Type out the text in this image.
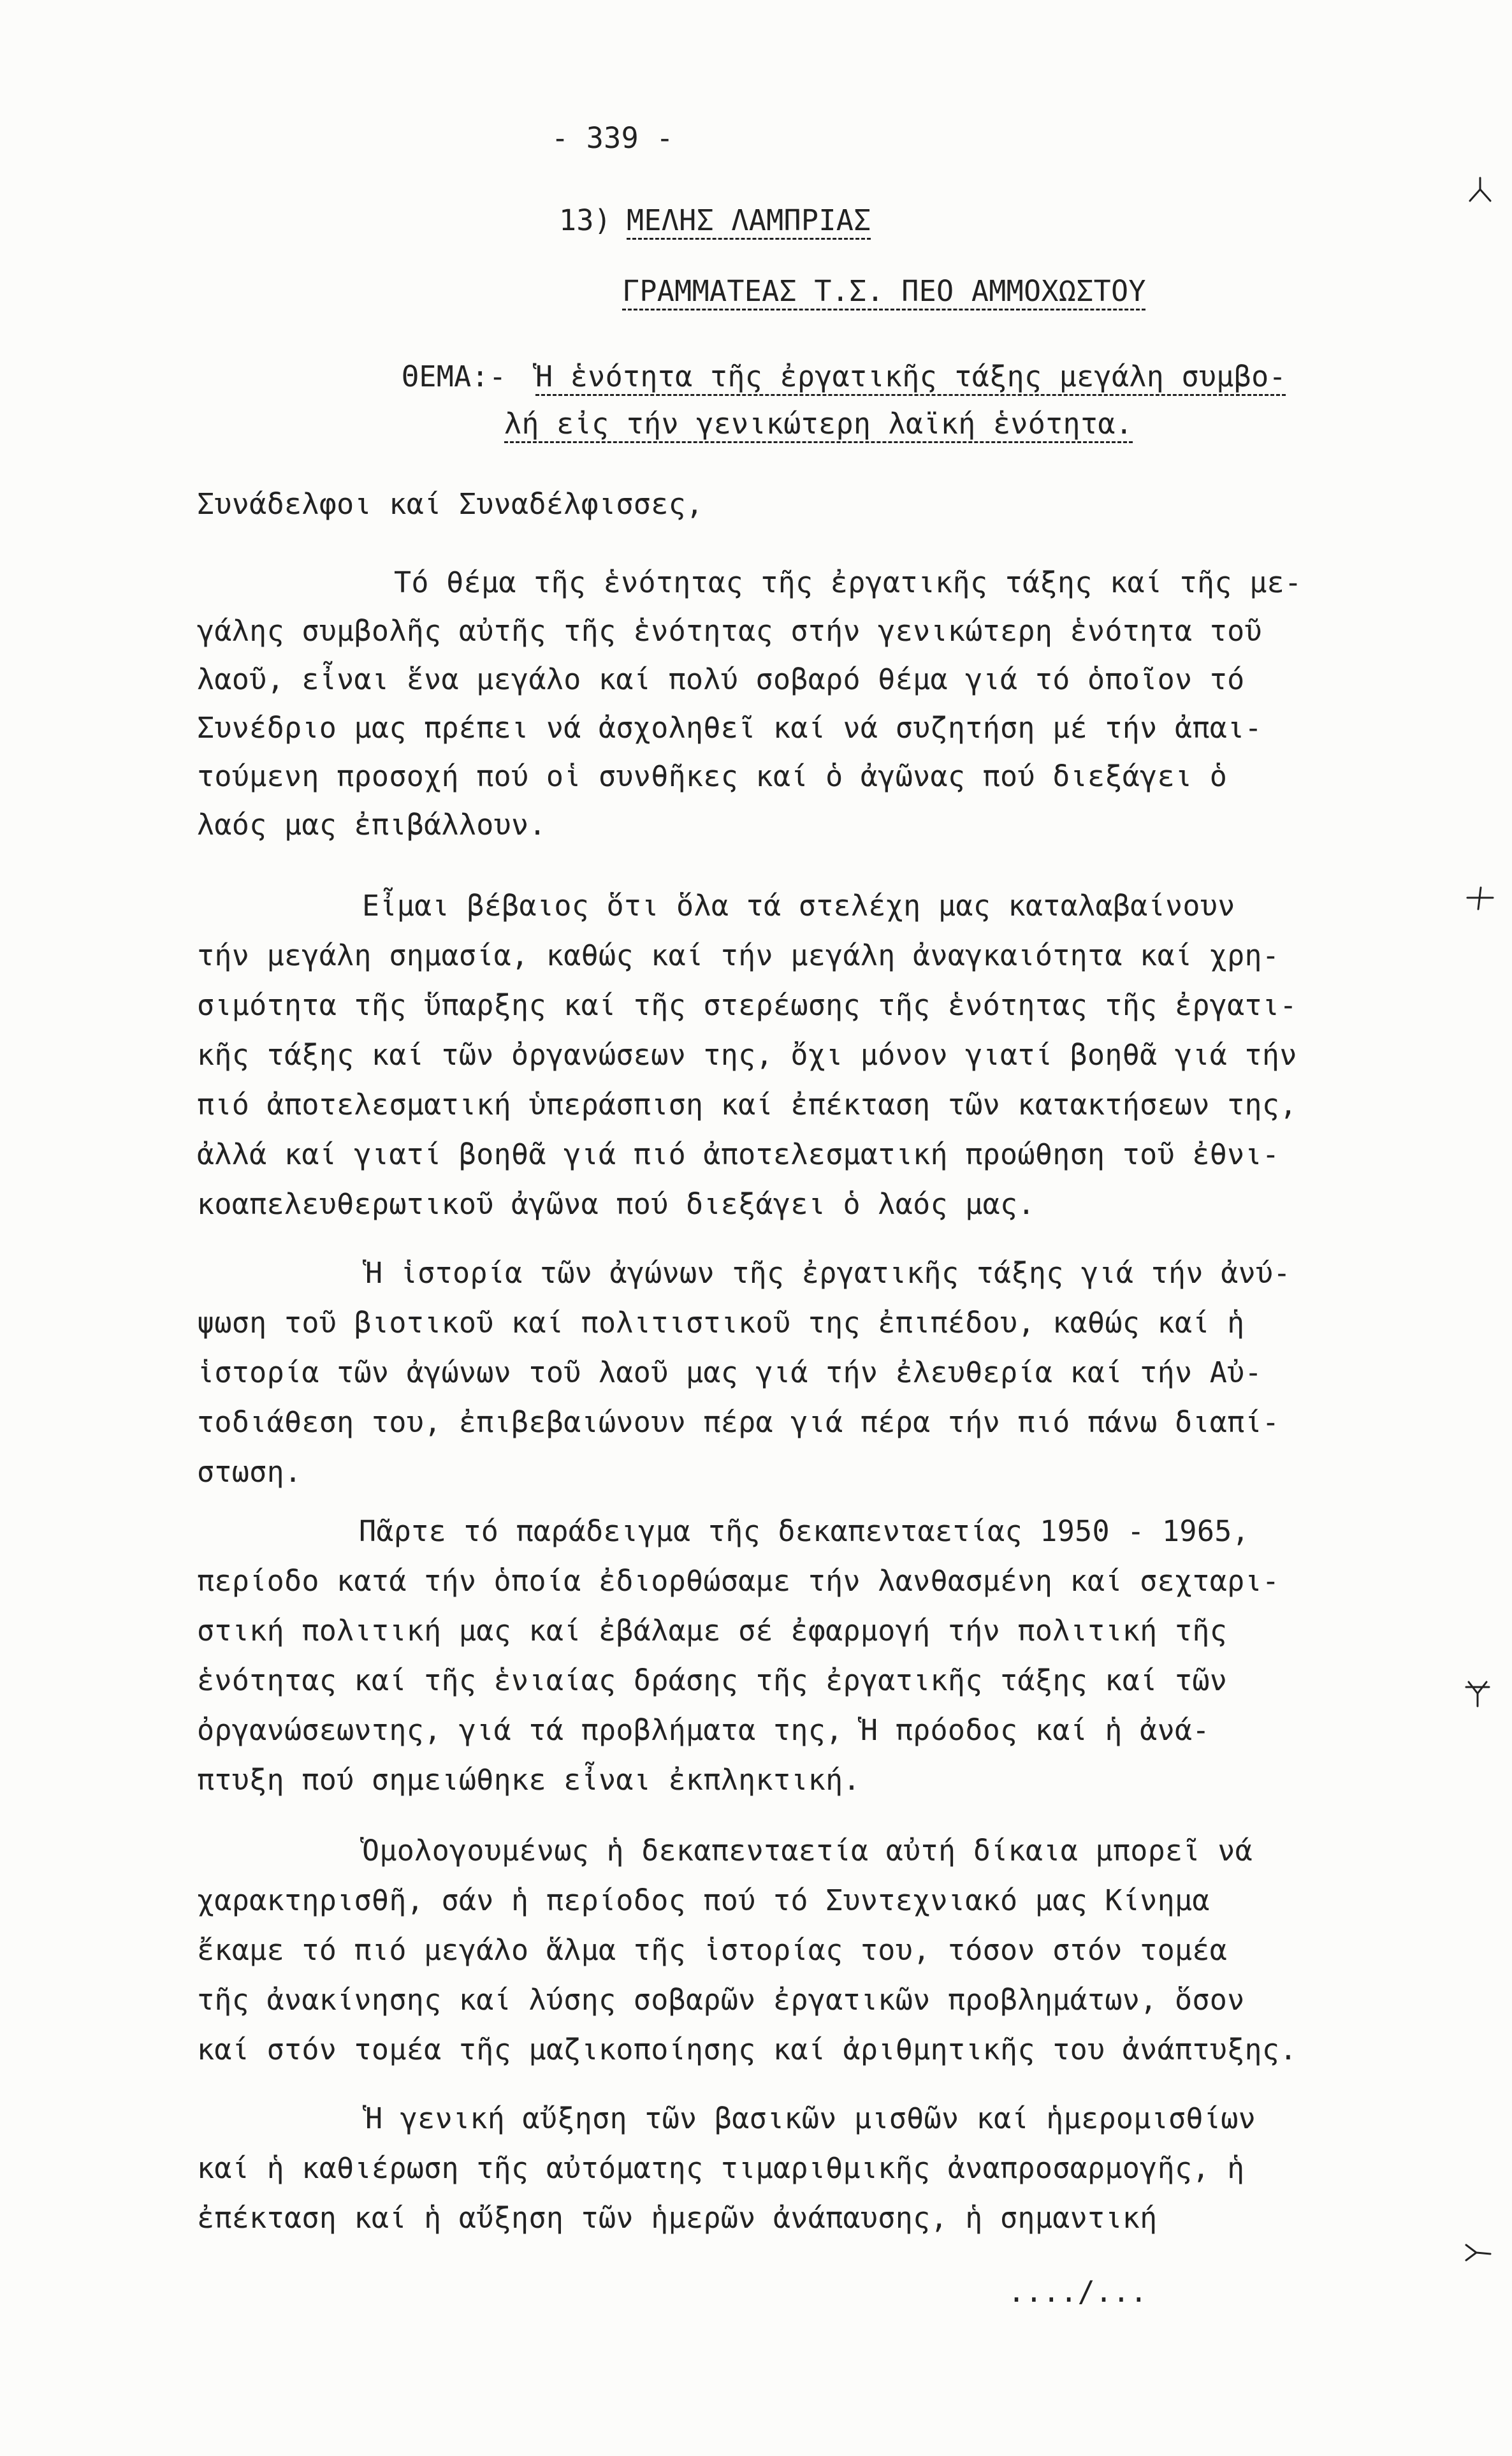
- 339 -
13) ΜΕΛΗΣ ΛΑΜΠΡΙΑΣ
ΓΡΑΜΜΑΤΕΑΣ Τ.Σ. ΠΕΟ ΑΜΜΟΧΩΣΤΟΥ
ΘΕΜΑ:-	Ἡ ἑνότητα τῆς ἐργατικῆς τάξης μεγάλη συμβο-
λή εἰς τήν γενικώτερη λαϊκή ἑνότητα.
Συνάδελφοι καί Συναδέλφισσες,
Τό θέμα τῆς ἑνότητας τῆς ἐργατικῆς τάξης καί τῆς με-
γάλης συμβολῆς αὐτῆς τῆς ἑνότητας στήν γενικώτερη ἑνότητα τοῦ
λαοῦ, εἶναι ἕνα μεγάλο καί πολύ σοβαρό θέμα γιά τό ὁποῖον τό
Συνέδριο μας πρέπει νά ἀσχοληθεῖ καί νά συζητήση μέ τήν ἀπαι-
τούμενη προσοχή πού οἱ συνθῆκες καί ὁ ἀγῶνας πού διεξάγει ὁ
λαός μας ἐπιβάλλουν.
Εἶμαι βέβαιος ὅτι ὅλα τά στελέχη μας καταλαβαίνουν
τήν μεγάλη σημασία, καθώς καί τήν μεγάλη ἀναγκαιότητα καί χρη-
σιμότητα τῆς ὕπαρξης καί τῆς στερέωσης τῆς ἑνότητας τῆς ἐργατι-
κῆς τάξης καί τῶν ὀργανώσεων της, ὄχι μόνον γιατί βοηθᾶ γιά τήν
πιό ἀποτελεσματική ὑπεράσπιση καί ἐπέκταση τῶν κατακτήσεων της,
ἀλλά καί γιατί βοηθᾶ γιά πιό ἀποτελεσματική προώθηση τοῦ ἐθνι-
κοαπελευθερωτικοῦ ἀγῶνα πού διεξάγει ὁ λαός μας.
Ἡ ἱστορία τῶν ἀγώνων τῆς ἐργατικῆς τάξης γιά τήν ἀνύ-
ψωση τοῦ βιοτικοῦ καί πολιτιστικοῦ της ἐπιπέδου, καθώς καί ἡ
ἱστορία τῶν ἀγώνων τοῦ λαοῦ μας γιά τήν ἐλευθερία καί τήν Αὐ-
τοδιάθεση του, ἐπιβεβαιώνουν πέρα γιά πέρα τήν πιό πάνω διαπί-
στωση.
Πᾶρτε τό παράδειγμα τῆς δεκαπενταετίας 1950 - 1965,
περίοδο κατά τήν ὁποία ἐδιορθώσαμε τήν λανθασμένη καί σεχταρι-
στική πολιτική μας καί ἐβάλαμε σέ ἐφαρμογή τήν πολιτική τῆς
ἑνότητας καί τῆς ἑνιαίας δράσης τῆς ἐργατικῆς τάξης καί τῶν
ὀργανώσεωντης, γιά τά προβλήματα της, Ἡ πρόοδος καί ἡ ἀνά-
πτυξη πού σημειώθηκε εἶναι ἐκπληκτική.
Ὁμολογουμένως ἡ δεκαπενταετία αὐτή δίκαια μπορεῖ νά
χαρακτηρισθῆ, σάν ἡ περίοδος πού τό Συντεχνιακό μας Κίνημα
ἔκαμε τό πιό μεγάλο ἅλμα τῆς ἱστορίας του, τόσον στόν τομέα
τῆς ἀνακίνησης καί λύσης σοβαρῶν ἐργατικῶν προβλημάτων, ὅσον
καί στόν τομέα τῆς μαζικοποίησης καί ἀριθμητικῆς του ἀνάπτυξης.
Ἡ γενική αὔξηση τῶν βασικῶν μισθῶν καί ἡμερομισθίων
καί ἡ καθιέρωση τῆς αὐτόματης τιμαριθμικῆς ἀναπροσαρμογῆς, ἡ
ἐπέκταση καί ἡ αὔξηση τῶν ἡμερῶν ἀνάπαυσης, ἡ σημαντική
..../...
